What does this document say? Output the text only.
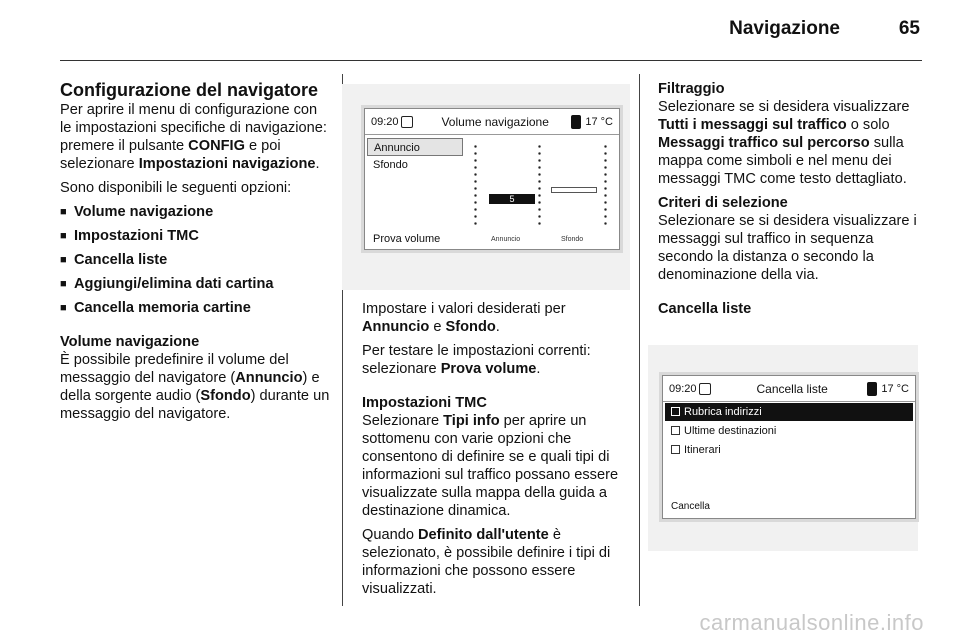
Navigazione	65
Configurazione del navigatore
Per aprire il menu di configurazione con le impostazioni specifiche di navigazione: premere il pulsante CONFIG e poi selezionare Impostazioni navigazione.
Sono disponibili le seguenti opzioni:
■ Volume navigazione
■ Impostazioni TMC
■ Cancella liste
■ Aggiungi/elimina dati cartina
■ Cancella memoria cartine
Volume navigazione
È possibile predefinire il volume del messaggio del navigatore (Annuncio) e della sorgente audio (Sfondo) durante un messaggio del navigatore.
09:20	Volume navigazione	17 °C
Annuncio
Sfondo
Prova volume
5
Annuncio	Sfondo
Impostare i valori desiderati per Annuncio e Sfondo.
Per testare le impostazioni correnti: selezionare Prova volume.
Impostazioni TMC
Selezionare Tipi info per aprire un sottomenu con varie opzioni che consentono di definire se e quali tipi di informazioni sul traffico possano essere visualizzate sulla mappa della guida a destinazione dinamica.
Quando Definito dall'utente è selezionato, è possibile definire i tipi di informazioni che possono essere visualizzati.
Filtraggio
Selezionare se si desidera visualizzare Tutti i messaggi sul traffico o solo Messaggi traffico sul percorso sulla mappa come simboli e nel menu dei messaggi TMC come testo dettagliato.
Criteri di selezione
Selezionare se si desidera visualizzare i messaggi sul traffico in sequenza secondo la distanza o secondo la denominazione della via.
Cancella liste
09:20	Cancella liste	17 °C
Rubrica indirizzi
Ultime destinazioni
Itinerari
Cancella
carmanualsonline.info
